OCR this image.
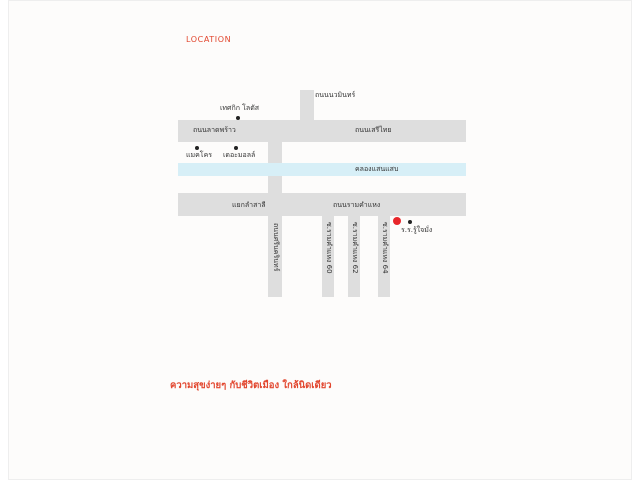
LOCATION
ถนนนวมินทร์
ถนนลาดพร้าว	ถนนเสรีไทย
คลองแสนแสบ
ถนนรามคำแหง
ถนนศรีนครินทร์	ซ.รามคำแหง 60	ซ.รามคำแหง 62	ซ.รามคำแหง 64
เทศกิก โลตัส
แมคโคร เดอะมอลล์
แยกลำสาลี
ร.ร.รู้ใจมั่ง
ความสุขง่ายๆ กับชีวิตเมือง ใกล้นิดเดียว
